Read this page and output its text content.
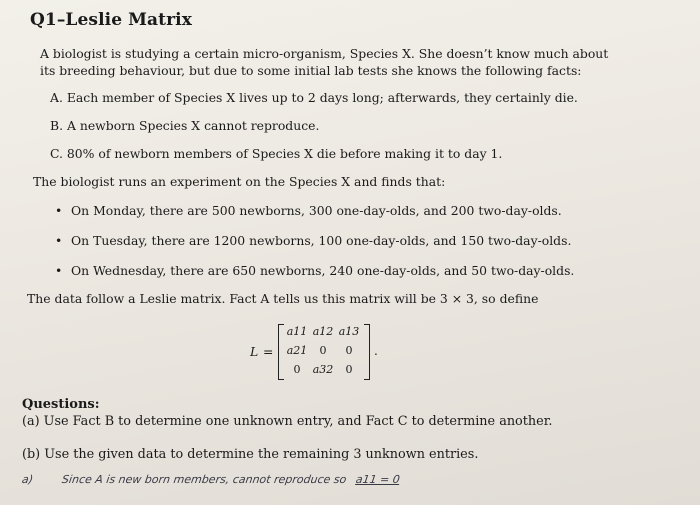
Q1–Leslie Matrix
A biologist is studying a certain micro-organism, Species X. She doesn’t know much about
its breeding behaviour, but due to some initial lab tests she knows the following facts:
A. Each member of Species X lives up to 2 days long; afterwards, they certainly die.
B. A newborn Species X cannot reproduce.
C. 80% of newborn members of Species X die before making it to day 1.
The biologist runs an experiment on the Species X and finds that:
• On Monday, there are 500 newborns, 300 one-day-olds, and 200 two-day-olds.
• On Tuesday, there are 1200 newborns, 100 one-day-olds, and 150 two-day-olds.
• On Wednesday, there are 650 newborns, 240 one-day-olds, and 50 two-day-olds.
The data follow a Leslie matrix. Fact A tells us this matrix will be 3 × 3, so define
L =
a11 a12 a13
a21	0	0
0	a32	0
.
Questions:
(a) Use Fact B to determine one unknown entry, and Fact C to determine another.
(b) Use the given data to determine the remaining 3 unknown entries.
a) Since A is new born members, cannot reproduce so a11 = 0
